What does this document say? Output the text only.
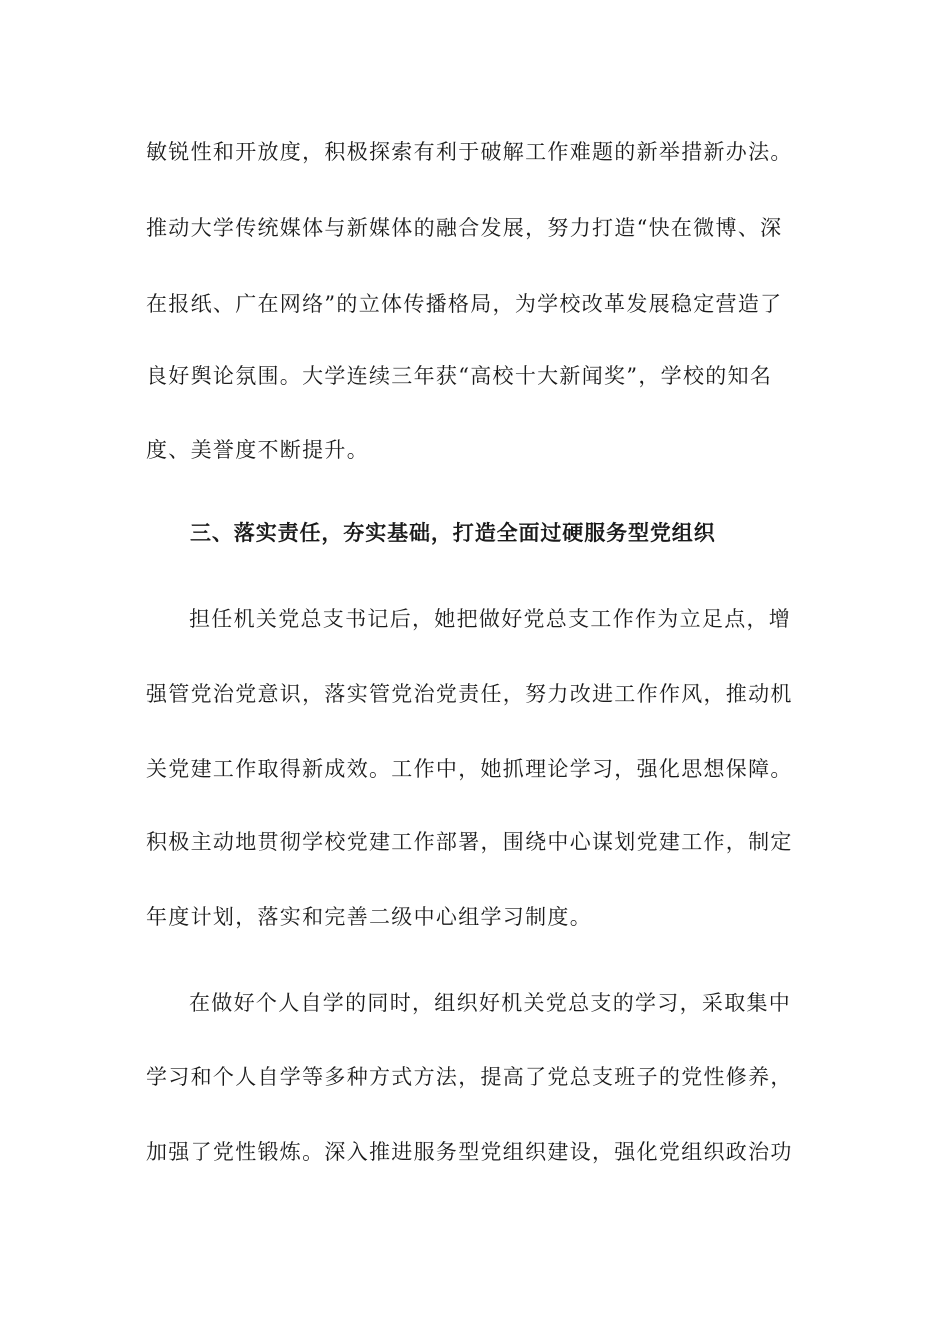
敏锐性和开放度，积极探索有利于破解工作难题的新举措新办法。
推动大学传统媒体与新媒体的融合发展，努力打造“快在微博、深
在报纸、广在网络”的立体传播格局，为学校改革发展稳定营造了
良好舆论氛围。大学连续三年获“高校十大新闻奖”，学校的知名
度、美誉度不断提升。
三、落实责任，夯实基础，打造全面过硬服务型党组织
担任机关党总支书记后，她把做好党总支工作作为立足点，增
强管党治党意识，落实管党治党责任，努力改进工作作风，推动机
关党建工作取得新成效。工作中，她抓理论学习，强化思想保障。
积极主动地贯彻学校党建工作部署，围绕中心谋划党建工作，制定
年度计划，落实和完善二级中心组学习制度。
在做好个人自学的同时，组织好机关党总支的学习，采取集中
学习和个人自学等多种方式方法，提高了党总支班子的党性修养，
加强了党性锻炼。深入推进服务型党组织建设，强化党组织政治功
